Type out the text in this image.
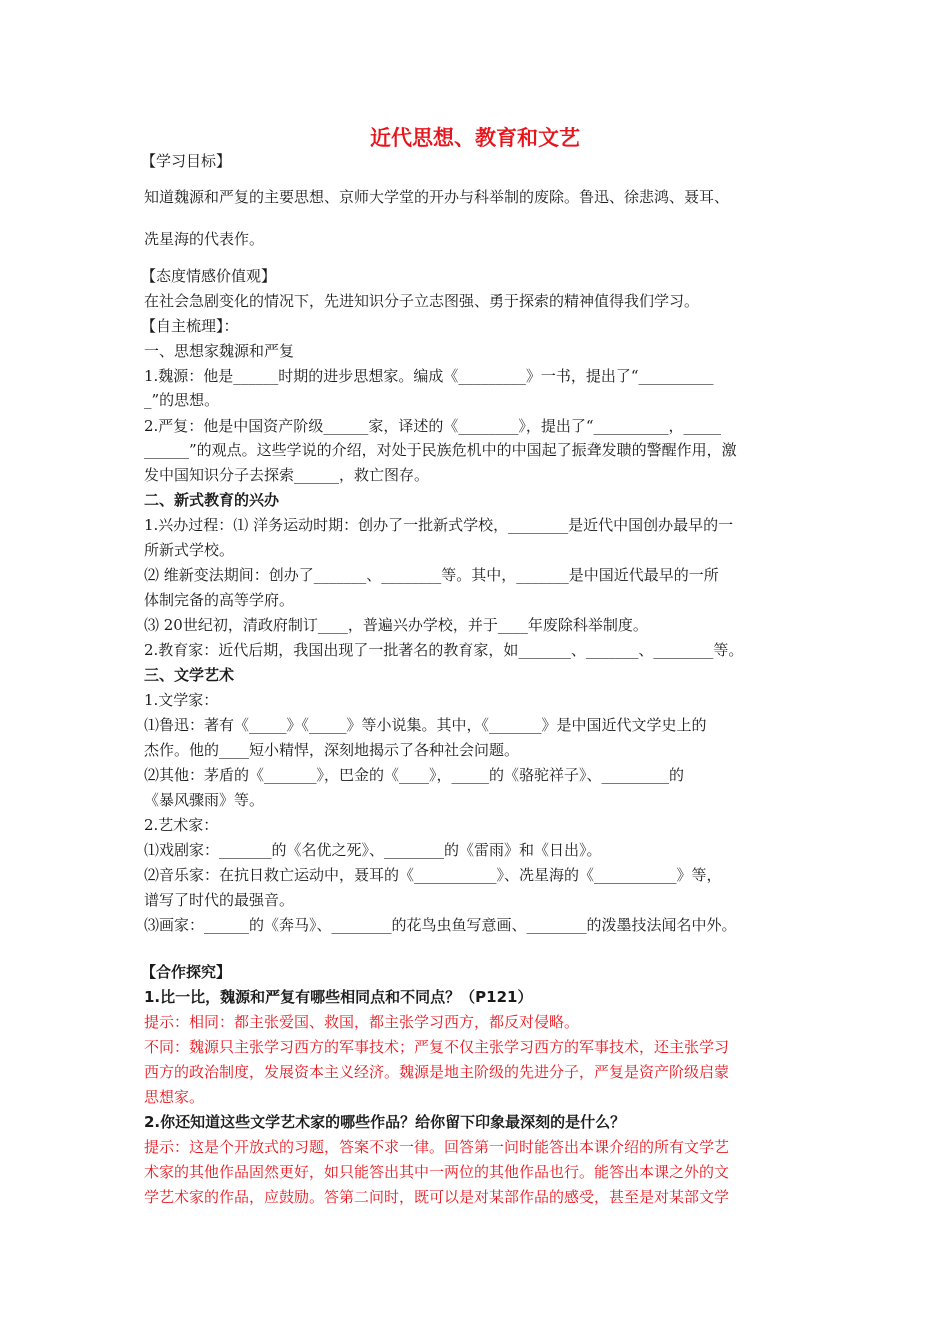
近代思想、教育和文艺
【学习目标】
知道魏源和严复的主要思想、京师大学堂的开办与科举制的废除。鲁迅、徐悲鸿、聂耳、
冼星海的代表作。
【态度情感价值观】
在社会急剧变化的情况下，先进知识分子立志图强、勇于探索的精神值得我们学习。
【自主梳理】：
一、思想家魏源和严复
1.魏源：他是______时期的进步思想家。编成《_________》一书，提出了“__________
_”的思想。
2.严复：他是中国资产阶级______家，译述的《________》，提出了“__________，_____
______”的观点。这些学说的介绍，对处于民族危机中的中国起了振聋发聩的警醒作用，激
发中国知识分子去探索______，救亡图存。
二、新式教育的兴办
1.兴办过程：⑴ 洋务运动时期：创办了一批新式学校，________是近代中国创办最早的一
所新式学校。
⑵ 维新变法期间：创办了_______、________等。其中，_______是中国近代最早的一所
体制完备的高等学府。
⑶ 20世纪初，清政府制订____，普遍兴办学校，并于____年废除科举制度。
2.教育家：近代后期，我国出现了一批著名的教育家，如_______、_______、________等。
三、文学艺术
1.文学家：
⑴鲁迅：著有《_____》《_____》等小说集。其中，《_______》是中国近代文学史上的
杰作。他的____短小精悍，深刻地揭示了各种社会问题。
⑵其他：茅盾的《_______》，巴金的《____》，_____的《骆驼祥子》、_________的
《暴风骤雨》等。
2.艺术家：
⑴戏剧家：_______的《名优之死》、________的《雷雨》和《日出》。
⑵音乐家：在抗日救亡运动中，聂耳的《___________》、冼星海的《___________》等，
谱写了时代的最强音。
⑶画家：______的《奔马》、________的花鸟虫鱼写意画、________的泼墨技法闻名中外。
【合作探究】
1.比一比，魏源和严复有哪些相同点和不同点？（P121）
提示：相同：都主张爱国、救国，都主张学习西方，都反对侵略。
不同：魏源只主张学习西方的军事技术；严复不仅主张学习西方的军事技术，还主张学习
西方的政治制度，发展资本主义经济。魏源是地主阶级的先进分子，严复是资产阶级启蒙
思想家。
2.你还知道这些文学艺术家的哪些作品？给你留下印象最深刻的是什么？
提示：这是个开放式的习题，答案不求一律。回答第一问时能答出本课介绍的所有文学艺
术家的其他作品固然更好，如只能答出其中一两位的其他作品也行。能答出本课之外的文
学艺术家的作品，应鼓励。答第二问时，既可以是对某部作品的感受，甚至是对某部文学
